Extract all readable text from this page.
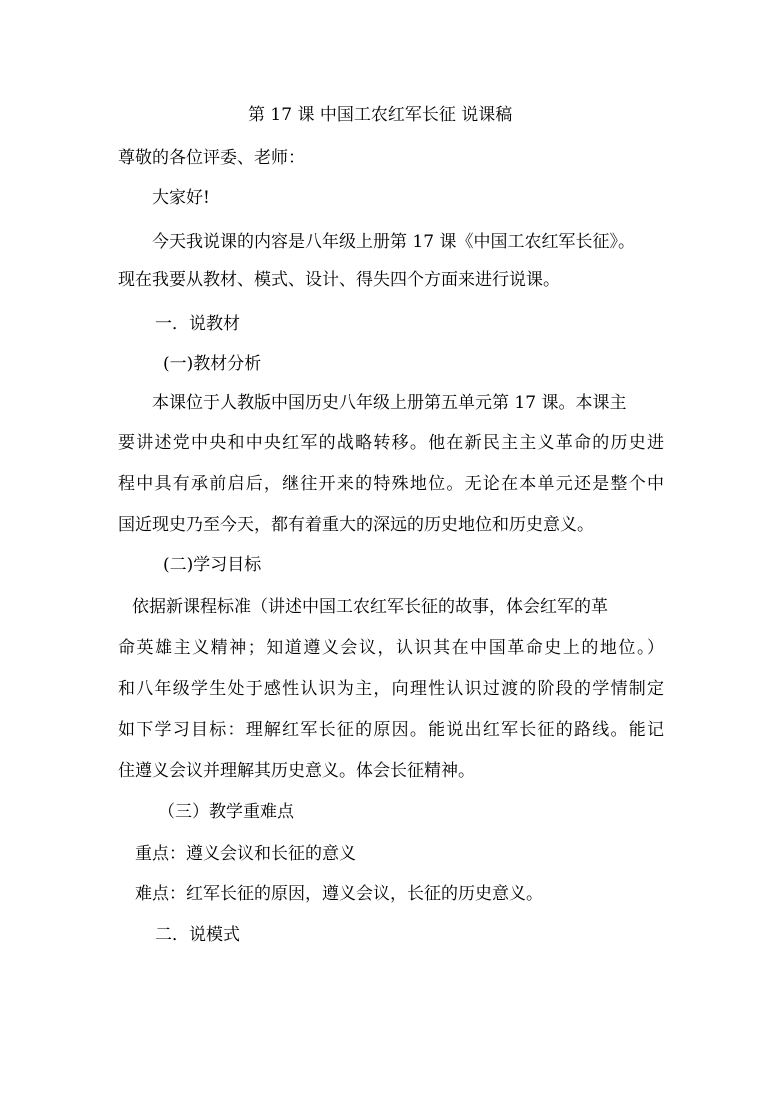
第 17 课 中国工农红军长征 说课稿

尊敬的各位评委、老师：

大家好!

今天我说课的内容是八年级上册第 17 课《中国工农红军长征》。

现在我要从教材、模式、设计、得失四个方面来进行说课。

一．说教材

(一)教材分析

本课位于人教版中国历史八年级上册第五单元第 17 课。本课主

要讲述党中央和中央红军的战略转移。他在新民主主义革命的历史进

程中具有承前启后，继往开来的特殊地位。无论在本单元还是整个中

国近现史乃至今天，都有着重大的深远的历史地位和历史意义。

(二)学习目标

依据新课程标准（讲述中国工农红军长征的故事，体会红军的革

命英雄主义精神；知道遵义会议，认识其在中国革命史上的地位。）

和八年级学生处于感性认识为主，向理性认识过渡的阶段的学情制定

如下学习目标：理解红军长征的原因。能说出红军长征的路线。能记

住遵义会议并理解其历史意义。体会长征精神。

（三）教学重难点

重点：遵义会议和长征的意义

难点：红军长征的原因，遵义会议，长征的历史意义。

二．说模式
